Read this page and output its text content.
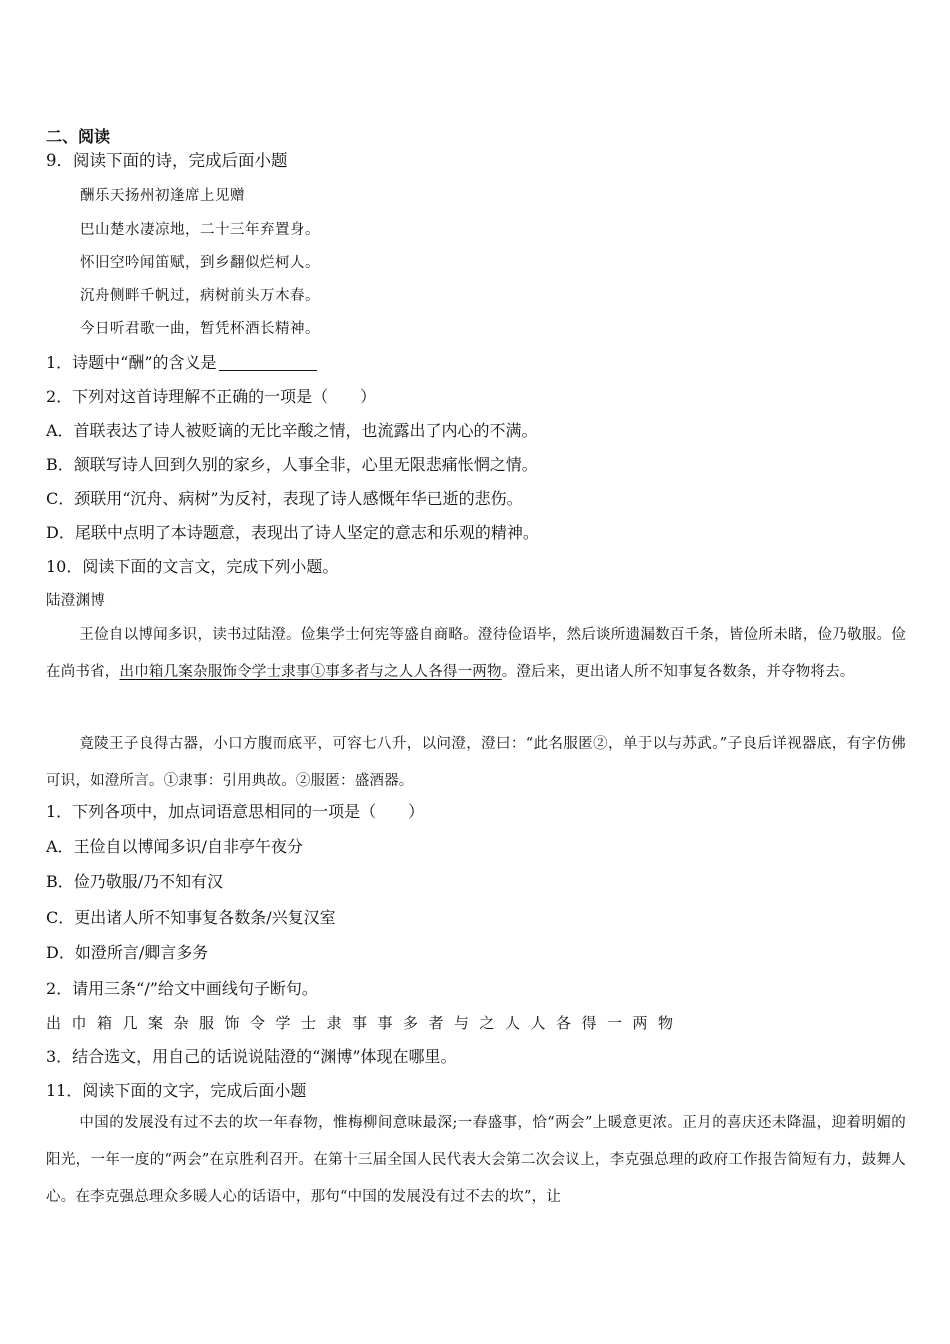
二、阅读
9．阅读下面的诗，完成后面小题
酬乐天扬州初逢席上见赠
巴山楚水凄凉地，二十三年弃置身。
怀旧空吟闻笛赋，到乡翻似烂柯人。
沉舟侧畔千帆过，病树前头万木春。
今日听君歌一曲，暂凭杯酒长精神。
1．诗题中“酬”的含义是
2．下列对这首诗理解不正确的一项是（　　）
A．首联表达了诗人被贬谪的无比辛酸之情，也流露出了内心的不满。
B．颔联写诗人回到久别的家乡，人事全非，心里无限悲痛怅惘之情。
C．颈联用“沉舟、病树”为反衬，表现了诗人感慨年华已逝的悲伤。
D．尾联中点明了本诗题意，表现出了诗人坚定的意志和乐观的精神。
10．阅读下面的文言文，完成下列小题。
陆澄渊博
王俭自以博闻多识，读书过陆澄。俭集学士何宪等盛自商略。澄待俭语毕，然后谈所遗漏数百千条，皆俭所未睹，俭乃敬服。俭在尚书省，出巾箱几案杂服饰令学士隶事①事多者与之人人各得一两物。澄后来，更出诸人所不知事复各数条，并夺物将去。
竟陵王子良得古器，小口方腹而底平，可容七八升，以问澄，澄曰：“此名服匿②，单于以与苏武。”子良后详视器底，有字仿佛可识，如澄所言。①隶事：引用典故。②服匿：盛酒器。
1．下列各项中，加点词语意思相同的一项是（　　）
A．王俭自以博闻多识/自非亭午夜分
B．俭乃敬服/乃不知有汉
C．更出诸人所不知事复各数条/兴复汉室
D．如澄所言/卿言多务
2．请用三条“/”给文中画线句子断句。
出巾箱几案杂服饰令学士隶事事多者与之人人各得一两物
3．结合选文，用自己的话说说陆澄的“渊博”体现在哪里。
11．阅读下面的文字，完成后面小题
中国的发展没有过不去的坎一年春物，惟梅柳间意味最深;一春盛事，恰“两会”上暖意更浓。正月的喜庆还未降温，迎着明媚的阳光，一年一度的“两会”在京胜利召开。在第十三届全国人民代表大会第二次会议上，李克强总理的政府工作报告简短有力，鼓舞人心。在李克强总理众多暖人心的话语中，那句“中国的发展没有过不去的坎”，让
